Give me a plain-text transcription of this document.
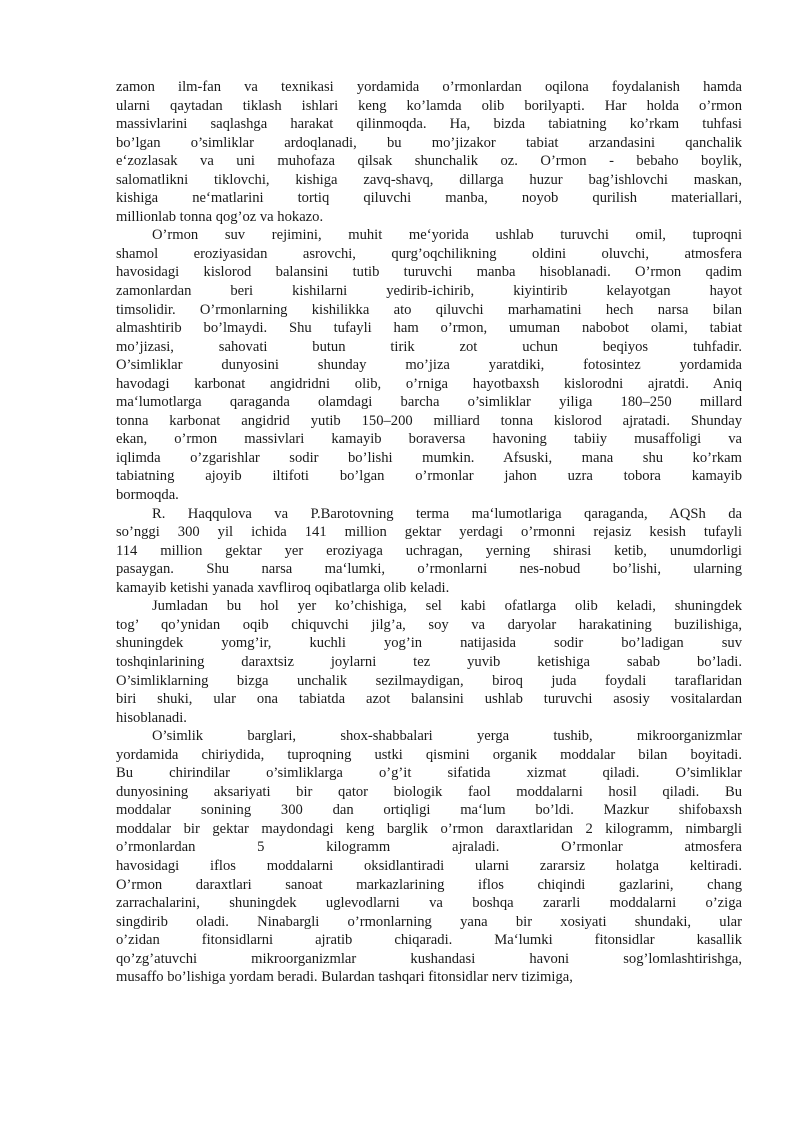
zamon ilm-fan va texnikasi yordamida o’rmonlardan oqilona foydalanish hamda
ularni qaytadan tiklash ishlari keng ko’lamda olib borilyapti. Har holda o’rmon
massivlarini saqlashga harakat qilinmoqda. Ha, bizda tabiatning ko’rkam tuhfasi
bo’lgan o’simliklar ardoqlanadi, bu mo’jizakor tabiat arzandasini qanchalik
e‘zozlasak va uni muhofaza qilsak shunchalik oz. O’rmon - bebaho boylik,
salomatlikni tiklovchi, kishiga zavq-shavq, dillarga huzur bag’ishlovchi maskan,
kishiga ne‘matlarini tortiq qiluvchi manba, noyob qurilish materiallari,
millionlab tonna qog’oz va hokazo.
O’rmon suv rejimini, muhit me‘yorida ushlab turuvchi omil, tuproqni
shamol eroziyasidan asrovchi, qurg’oqchilikning oldini oluvchi, atmosfera
havosidagi kislorod balansini tutib turuvchi manba hisoblanadi. O’rmon qadim
zamonlardan beri kishilarni yedirib-ichirib, kiyintirib kelayotgan hayot
timsolidir. O’rmonlarning kishilikka ato qiluvchi marhamatini hech narsa bilan
almashtirib bo’lmaydi. Shu tufayli ham o’rmon, umuman nabobot olami, tabiat
mo’jizasi, sahovati butun tirik zot uchun beqiyos tuhfadir.
O’simliklar dunyosini shunday mo’jiza yaratdiki, fotosintez yordamida
havodagi karbonat angidridni olib, o’rniga hayotbaxsh kislorodni ajratdi. Aniq
ma‘lumotlarga qaraganda olamdagi barcha o’simliklar yiliga 180–250 millard
tonna karbonat angidrid yutib 150–200 milliard tonna kislorod ajratadi. Shunday
ekan, o’rmon massivlari kamayib boraversa havoning tabiiy musaffoligi va
iqlimda o’zgarishlar sodir bo’lishi mumkin. Afsuski, mana shu ko’rkam
tabiatning ajoyib iltifoti bo’lgan o’rmonlar jahon uzra tobora kamayib
bormoqda.
R. Haqqulova va P.Barotovning terma ma‘lumotlariga qaraganda, AQSh da
so’nggi 300 yil ichida 141 million gektar yerdagi o’rmonni rejasiz kesish tufayli
114 million gektar yer eroziyaga uchragan, yerning shirasi ketib, unumdorligi
pasaygan. Shu narsa ma‘lumki, o’rmonlarni nes-nobud bo’lishi, ularning
kamayib ketishi yanada xavfliroq oqibatlarga olib keladi.
Jumladan bu hol yer ko’chishiga, sel kabi ofatlarga olib keladi, shuningdek
tog’ qo’ynidan oqib chiquvchi jilg’a, soy va daryolar harakatining buzilishiga,
shuningdek yomg’ir, kuchli yog’in natijasida sodir bo’ladigan suv
toshqinlarining daraxtsiz joylarni tez yuvib ketishiga sabab bo’ladi.
O’simliklarning bizga unchalik sezilmaydigan, biroq juda foydali taraflaridan
biri shuki, ular ona tabiatda azot balansini ushlab turuvchi asosiy vositalardan
hisoblanadi.
O’simlik barglari, shox-shabbalari yerga tushib, mikroorganizmlar
yordamida chiriydida, tuproqning ustki qismini organik moddalar bilan boyitadi.
Bu chirindilar o’simliklarga o’g’it sifatida xizmat qiladi. O’simliklar
dunyosining aksariyati bir qator biologik faol moddalarni hosil qiladi. Bu
moddalar sonining 300 dan ortiqligi ma‘lum bo’ldi. Mazkur shifobaxsh
moddalar bir gektar maydondagi keng barglik o’rmon daraxtlaridan 2 kilogramm, nimbargli
o’rmonlardan 5 kilogramm ajraladi. O’rmonlar atmosfera
havosidagi iflos moddalarni oksidlantiradi ularni zararsiz holatga keltiradi.
O’rmon daraxtlari sanoat markazlarining iflos chiqindi gazlarini, chang
zarrachalarini, shuningdek uglevodlarni va boshqa zararli moddalarni o’ziga
singdirib oladi. Ninabargli o’rmonlarning yana bir xosiyati shundaki, ular
o’zidan fitonsidlarni ajratib chiqaradi. Ma‘lumki fitonsidlar kasallik
qo’zg’atuvchi mikroorganizmlar kushandasi havoni sog’lomlashtirishga,
musaffo bo’lishiga yordam beradi. Bulardan tashqari fitonsidlar nerv tizimiga,
